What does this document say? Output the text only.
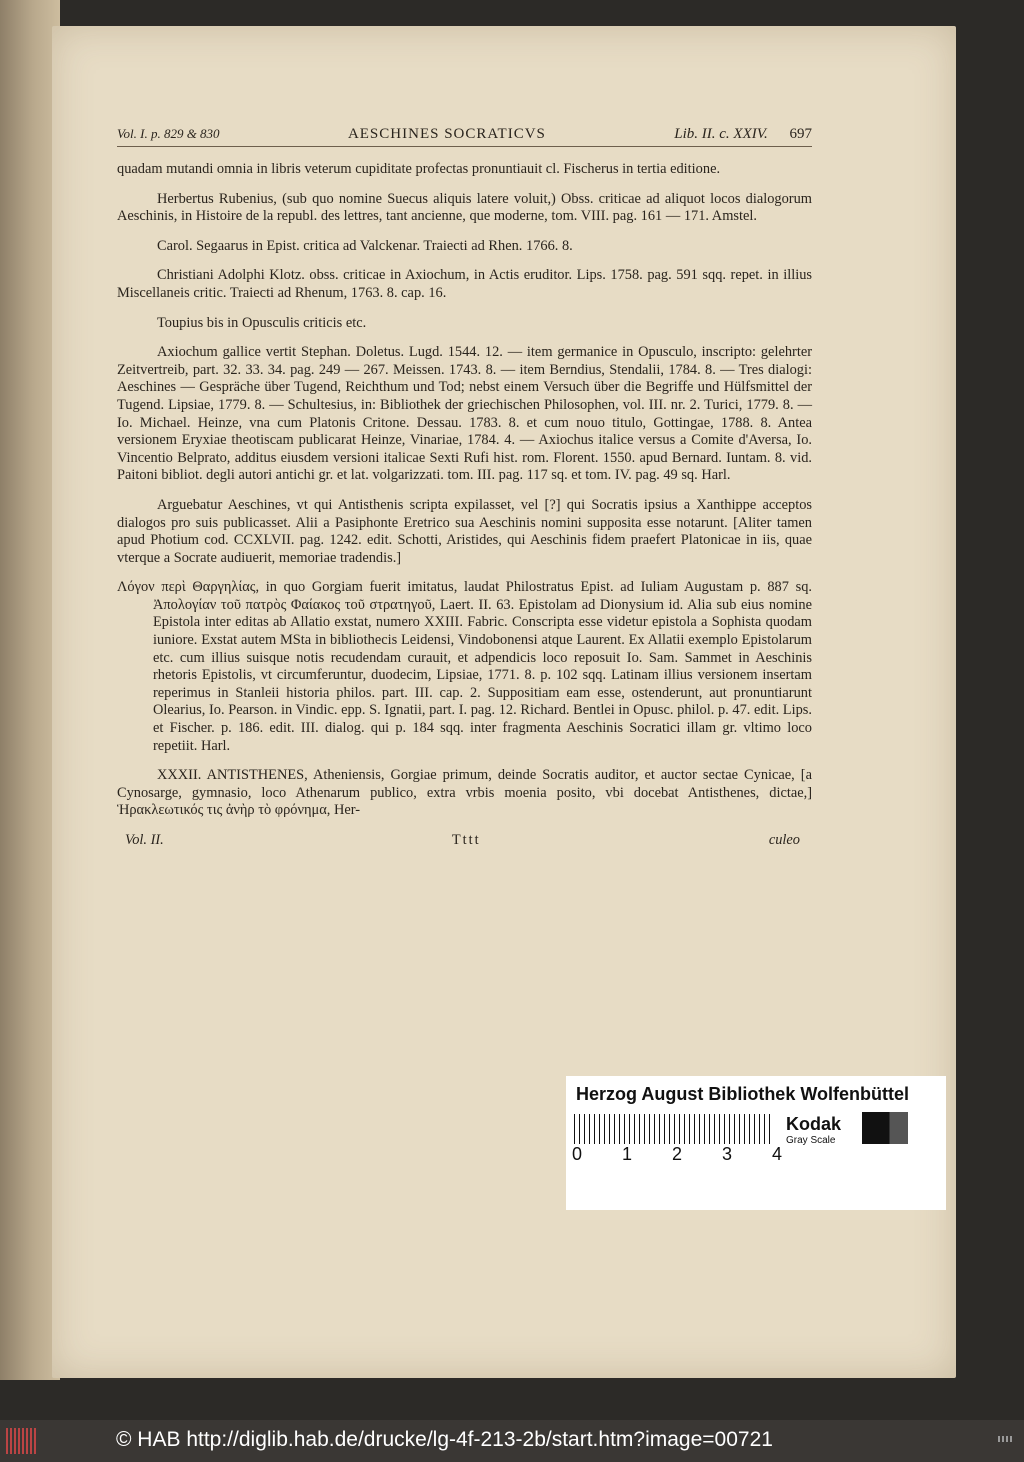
Vol. I. p. 829 & 830	AESCHINES SOCRATICVS	Lib. II. c. XXIV. 697

quadam mutandi omnia in libris veterum cupiditate profectas pronuntiauit cl. Fischerus in tertia editione.

Herbertus Rubenius, (sub quo nomine Suecus aliquis latere voluit,) Obss. criticae ad aliquot locos dialogorum Aeschinis, in Histoire de la republ. des lettres, tant ancienne, que moderne, tom. VIII. pag. 161 — 171. Amstel.

Carol. Segaarus in Epist. critica ad Valckenar. Traiecti ad Rhen. 1766. 8.

Christiani Adolphi Klotz. obss. criticae in Axiochum, in Actis eruditor. Lips. 1758. pag. 591 sqq. repet. in illius Miscellaneis critic. Traiecti ad Rhenum, 1763. 8. cap. 16.

Toupius bis in Opusculis criticis etc.

Axiochum gallice vertit Stephan. Doletus. Lugd. 1544. 12. — item germanice in Opusculo, inscripto: gelehrter Zeitvertreib, part. 32. 33. 34. pag. 249 — 267. Meissen. 1743. 8. — item Berndius, Stendalii, 1784. 8. — Tres dialogi: Aeschines — Gespräche über Tugend, Reichthum und Tod; nebst einem Versuch über die Begriffe und Hülfsmittel der Tugend. Lipsiae, 1779. 8. — Schultesius, in: Bibliothek der griechischen Philosophen, vol. III. nr. 2. Turici, 1779. 8. — Io. Michael. Heinze, vna cum Platonis Critone. Dessau. 1783. 8. et cum nouo titulo, Gottingae, 1788. 8. Antea versionem Eryxiae theotiscam publicarat Heinze, Vinariae, 1784. 4. — Axiochus italice versus a Comite d'Aversa, Io. Vincentio Belprato, additus eiusdem versioni italicae Sexti Rufi hist. rom. Florent. 1550. apud Bernard. Iuntam. 8. vid. Paitoni bibliot. degli autori antichi gr. et lat. volgarizzati. tom. III. pag. 117 sq. et tom. IV. pag. 49 sq. Harl.

Arguebatur Aeschines, vt qui Antisthenis scripta expilasset, vel [?] qui Socratis ipsius a Xanthippe acceptos dialogos pro suis publicasset. Alii a Pasiphonte Eretrico sua Aeschinis nomini supposita esse notarunt. [Aliter tamen apud Photium cod. CCXLVII. pag. 1242. edit. Schotti, Aristides, qui Aeschinis fidem praefert Platonicae in iis, quae vterque a Socrate audiuerit, memoriae tradendis.]

Λόγον περὶ Θαργηλίας, in quo Gorgiam fuerit imitatus, laudat Philostratus Epist. ad Iuliam Augustam p. 887 sq. Ἀπολογίαν τοῦ πατρὸς Φαίακος τοῦ στρατηγοῦ, Laert. II. 63. Epistolam ad Dionysium id. Alia sub eius nomine Epistola inter editas ab Allatio exstat, numero XXIII. Fabric. Conscripta esse videtur epistola a Sophista quodam iuniore. Exstat autem MSta in bibliothecis Leidensi, Vindobonensi atque Laurent. Ex Allatii exemplo Epistolarum etc. cum illius suisque notis recudendam curauit, et adpendicis loco reposuit Io. Sam. Sammet in Aeschinis rhetoris Epistolis, vt circumferuntur, duodecim, Lipsiae, 1771. 8. p. 102 sqq. Latinam illius versionem insertam reperimus in Stanleii historia philos. part. III. cap. 2. Suppositiam eam esse, ostenderunt, aut pronuntiarunt Olearius, Io. Pearson. in Vindic. epp. S. Ignatii, part. I. pag. 12. Richard. Bentlei in Opusc. philol. p. 47. edit. Lips. et Fischer. p. 186. edit. III. dialog. qui p. 184 sqq. inter fragmenta Aeschinis Socratici illam gr. vltimo loco repetiit. Harl.

XXXII. ANTISTHENES, Atheniensis, Gorgiae primum, deinde Socratis auditor, et auctor sectae Cynicae, [a Cynosarge, gymnasio, loco Athenarum publico, extra vrbis moenia posito, vbi docebat Antisthenes, dictae,] Ἡρακλεωτικός τις ἀνὴρ τὸ φρόνημα, Her-

Vol. II.	Tttt	culeo
Herzog August Bibliothek Wolfenbüttel
0 1 2 3 4
Kodak
Gray Scale
© HAB http://diglib.hab.de/drucke/lg-4f-213-2b/start.htm?image=00721
